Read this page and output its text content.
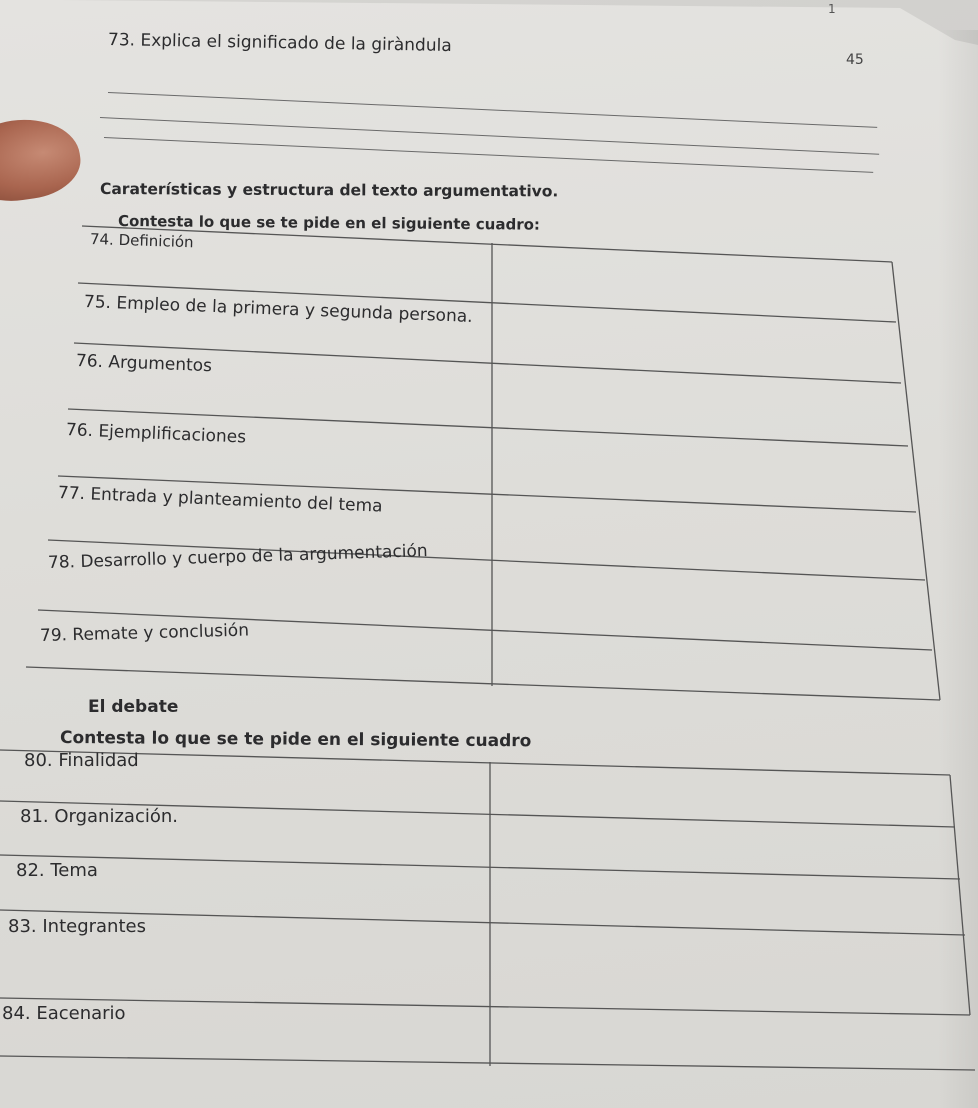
1
45
73. Explica el significado de la giràndula
Caraterísticas y estructura del texto argumentativo.
Contesta lo que se te pide en el siguiente cuadro:
74. Definición
75. Empleo de la primera y segunda persona.
76. Argumentos
76. Ejemplificaciones
77. Entrada y planteamiento del tema
78. Desarrollo y cuerpo de la argumentación
79. Remate y conclusión
El debate
Contesta lo que se te pide en el siguiente cuadro
80. Finalidad
81. Organización.
82. Tema
83. Integrantes
84. Eacenario
